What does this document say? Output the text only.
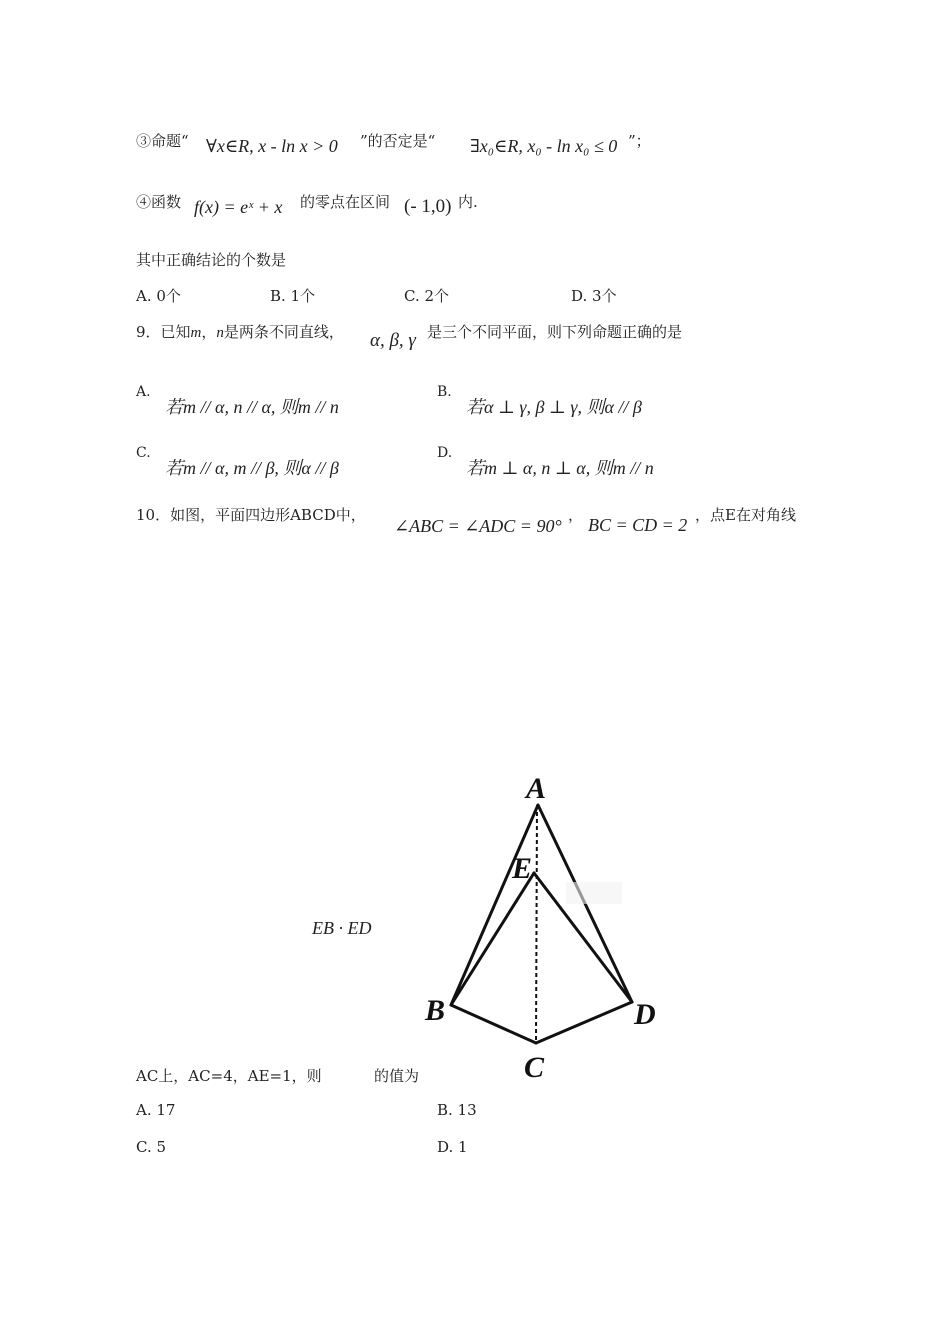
③命题“ ∀x∈R, x - ln x > 0 ”的否定是“ ∃x₀∈R, x₀ - ln x₀ ≤ 0 ”；
④函数 f(x) = eˣ + x 的零点在区间 (- 1,0) 内.
其中正确结论的个数是
A. 0个	B. 1个	C. 2个	D. 3个
9．已知m，n是两条不同直线， α, β, γ 是三个不同平面，则下列命题正确的是
A.
若m // α, n // α, 则m // n
B.
若α ⊥ γ, β ⊥ γ, 则α // β
C.
若m // α, m // β, 则α // β
D.
若m ⊥ α, n ⊥ α, 则m // n
10．如图，平面四边形ABCD中，
∠ABC = ∠ADC = 90°
， BC = CD = 2 ，点E在对角线
EB · ED
AC上，AC=4，AE=1，则	的值为
A. 17	B. 13
C. 5	D. 1
A
E
B
C
D
